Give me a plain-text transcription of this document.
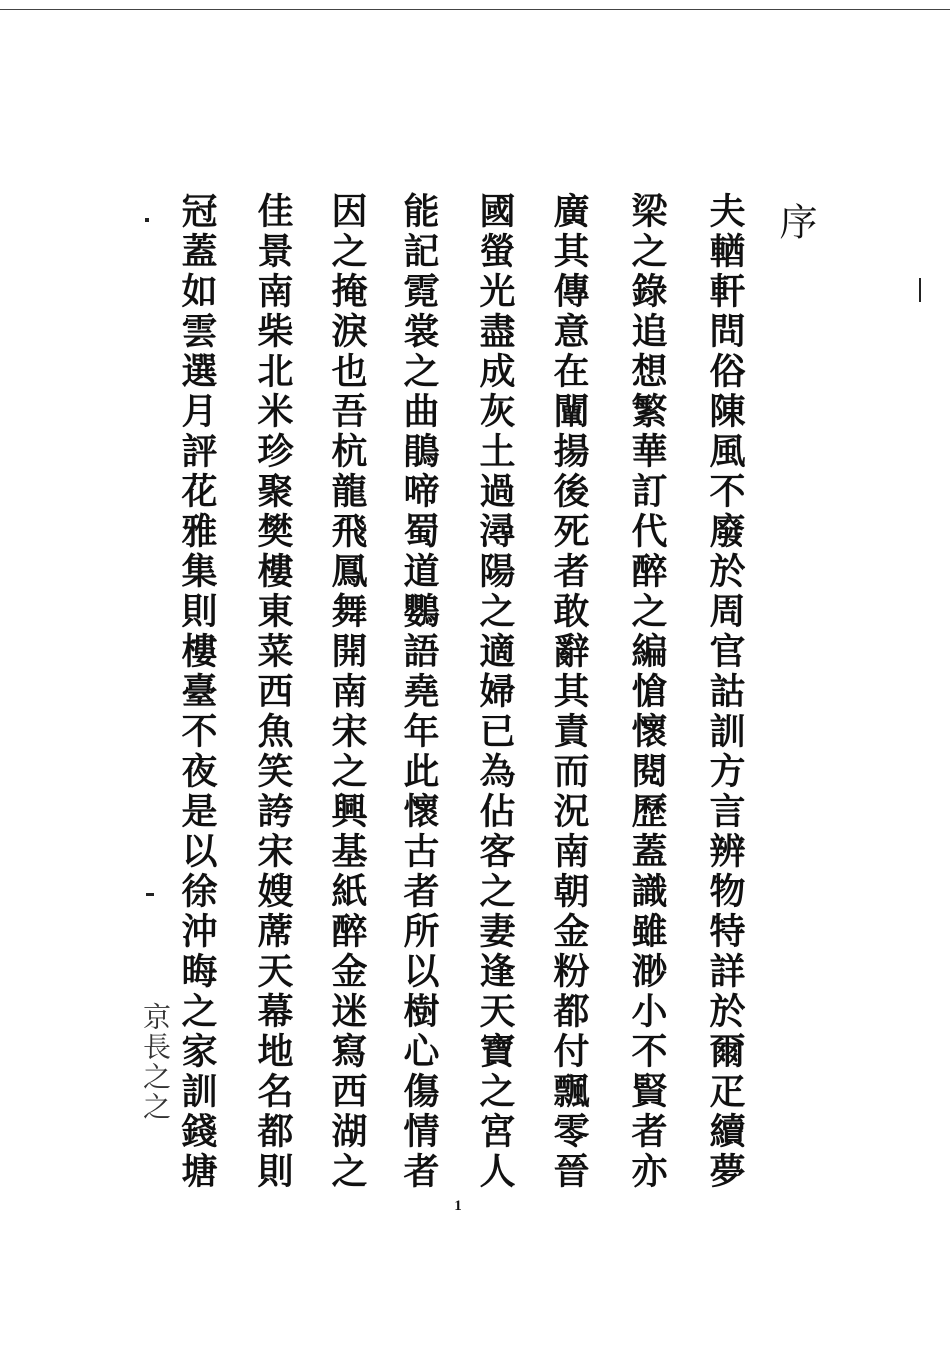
序
夫輶軒問俗陳風不廢於周官詁訓方言辨物特詳於爾疋續夢
梁之錄追想繁華訂代醉之編愴懷閱歷蓋識雖渺小不賢者亦
廣其傳意在闡揚後死者敢辭其責而況南朝金粉都付飄零晉
國螢光盡成灰土過潯陽之適婦已為佔客之妻逢天寶之宮人
能記霓裳之曲鵑啼蜀道鸚語堯年此懷古者所以樹心傷情者
因之掩淚也吾杭龍飛鳳舞開南宋之興基紙醉金迷寫西湖之
佳景南柴北米珍聚樊樓東菜西魚笑誇宋嫂蓆天幕地名都則
冠蓋如雲選月評花雅集則樓臺不夜是以徐沖晦之家訓錢塘
京長之之
1
